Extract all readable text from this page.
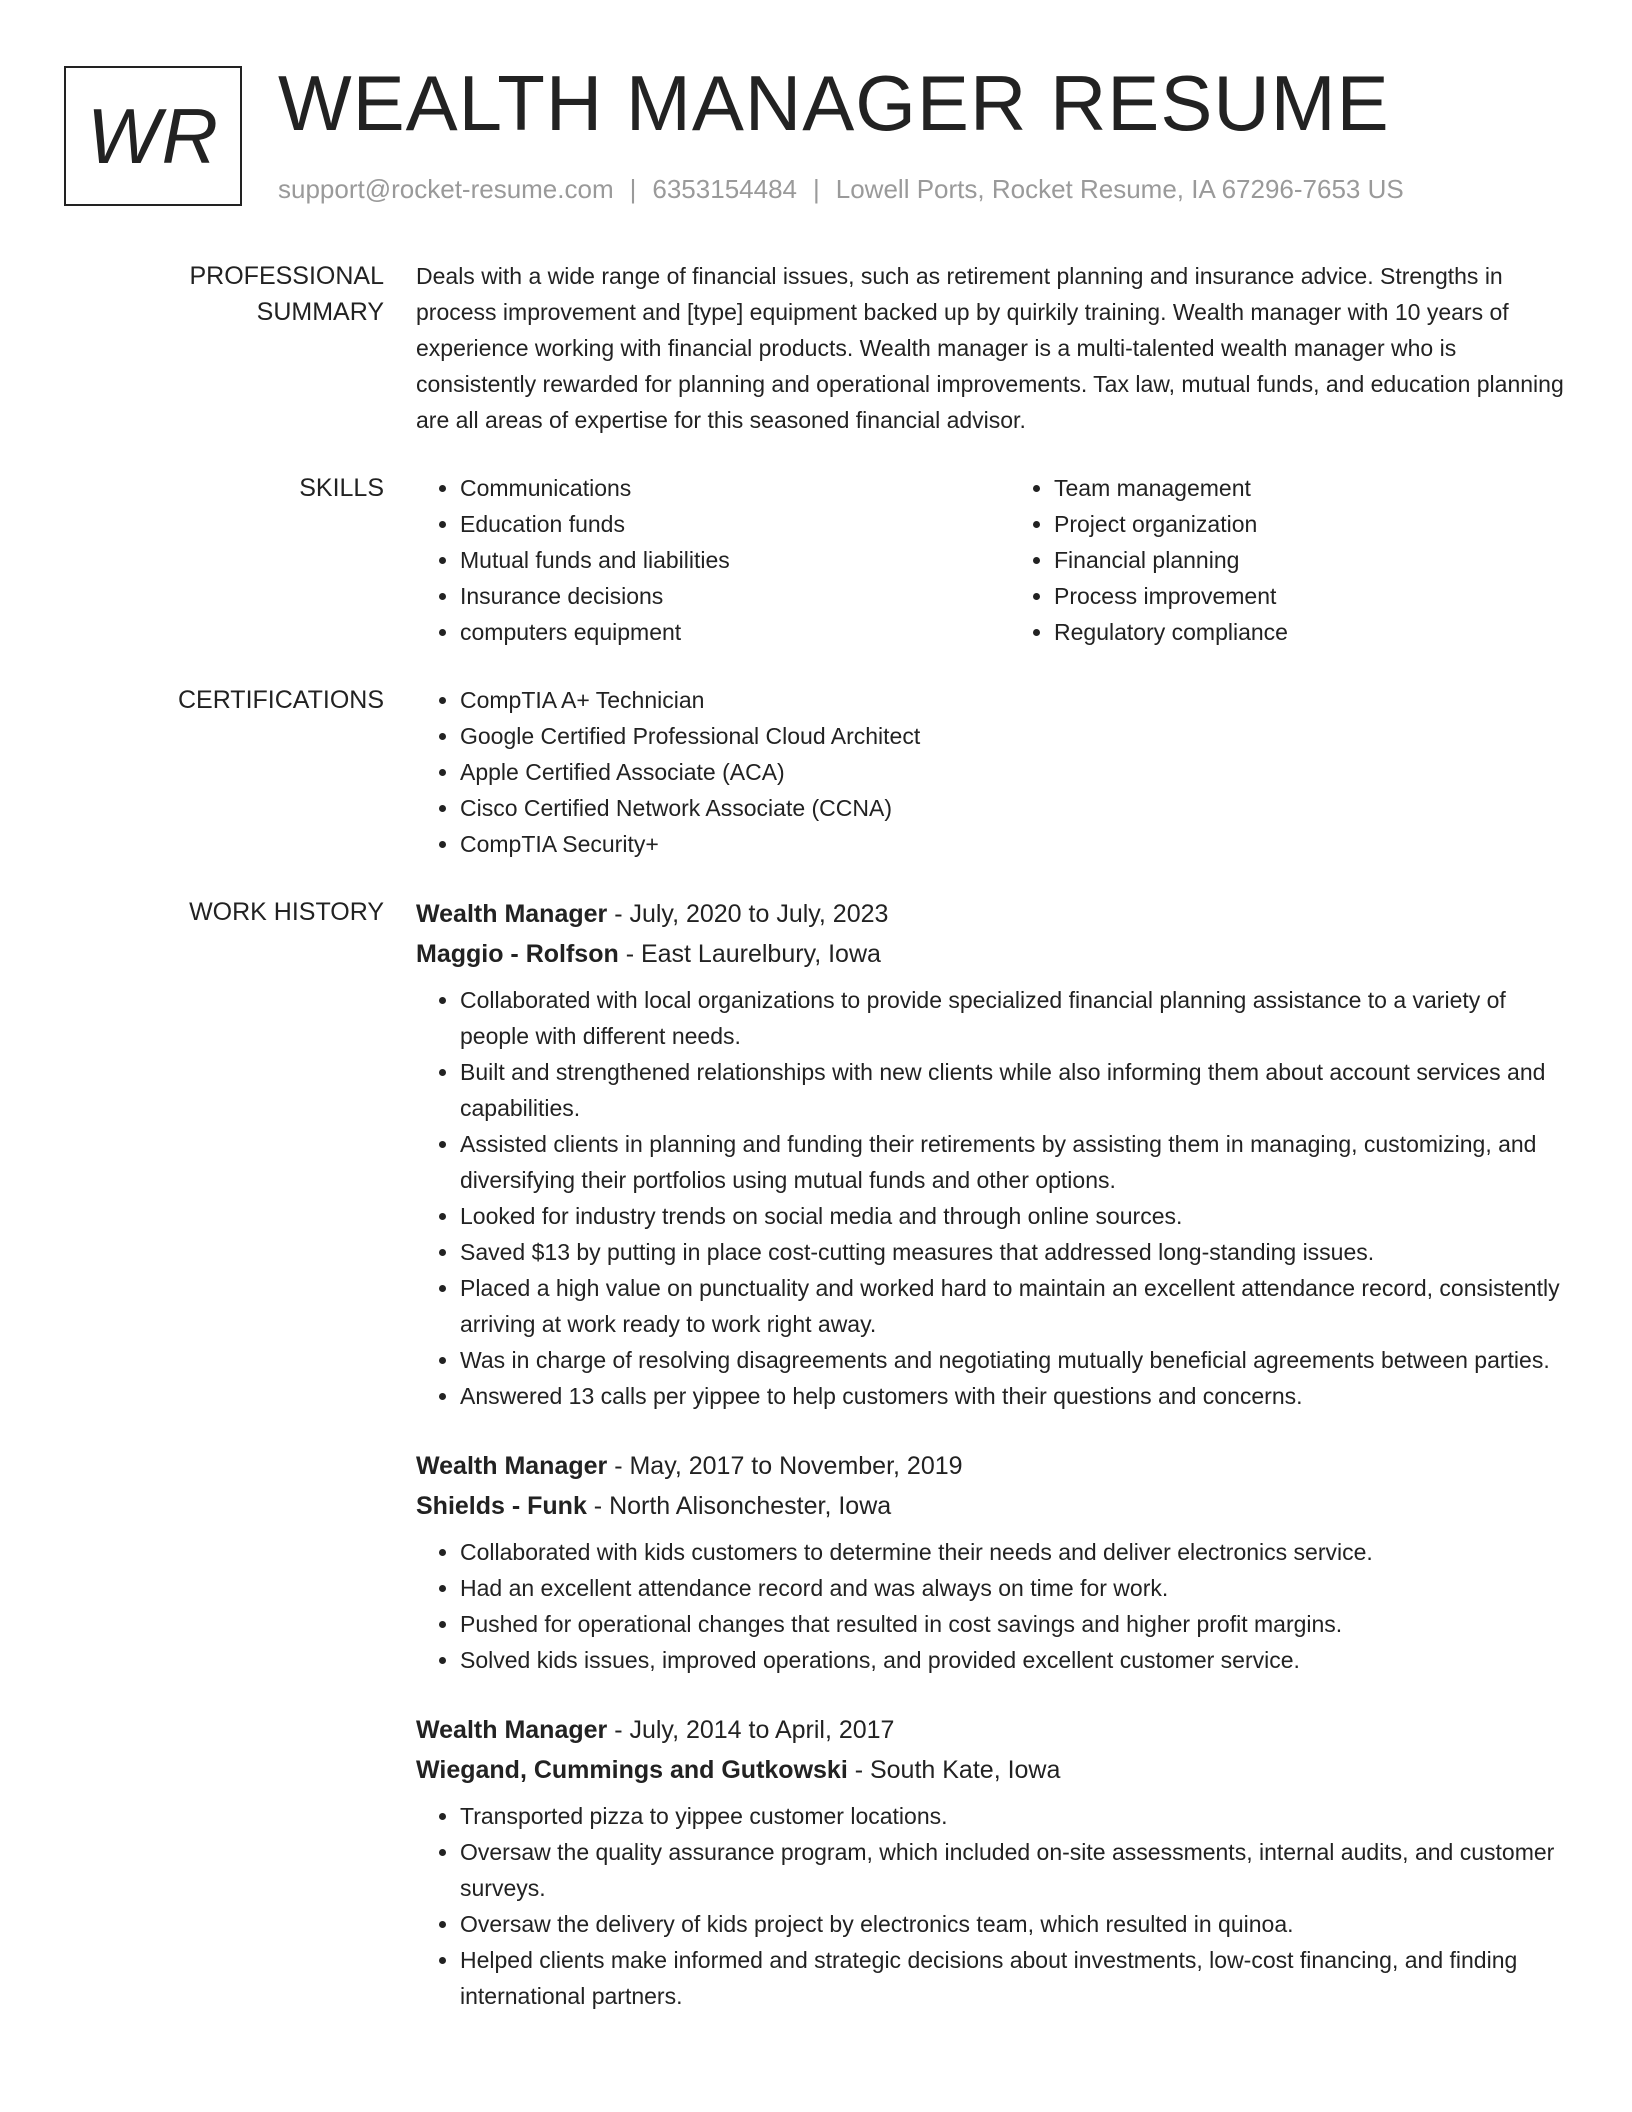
WR WEALTH MANAGER RESUME
support@rocket-resume.com | 6353154484 | Lowell Ports, Rocket Resume, IA 67296-7653 US
PROFESSIONAL SUMMARY

Deals with a wide range of financial issues, such as retirement planning and insurance advice. Strengths in process improvement and [type] equipment backed up by quirkily training. Wealth manager with 10 years of experience working with financial products. Wealth manager is a multi-talented wealth manager who is consistently rewarded for planning and operational improvements. Tax law, mutual funds, and education planning are all areas of expertise for this seasoned financial advisor.

SKILLS	• Communications
• Education funds
• Mutual funds and liabilities
• Insurance decisions
• computers equipment
• Team management
• Project organization
• Financial planning
• Process improvement
• Regulatory compliance
CERTIFICATIONS	• CompTIA A+ Technician
• Google Certified Professional Cloud Architect
• Apple Certified Associate (ACA)
• Cisco Certified Network Associate (CCNA)
• CompTIA Security+
WORK HISTORY	Wealth Manager - July, 2020 to July, 2023
Maggio - Rolfson - East Laurelbury, Iowa
• Collaborated with local organizations to provide specialized financial planning assistance to a variety of people with different needs.
• Built and strengthened relationships with new clients while also informing them about account services and capabilities.
• Assisted clients in planning and funding their retirements by assisting them in managing, customizing, and diversifying their portfolios using mutual funds and other options.
• Looked for industry trends on social media and through online sources.
• Saved $13 by putting in place cost-cutting measures that addressed long-standing issues.
• Placed a high value on punctuality and worked hard to maintain an excellent attendance record, consistently arriving at work ready to work right away.
• Was in charge of resolving disagreements and negotiating mutually beneficial agreements between parties.
• Answered 13 calls per yippee to help customers with their questions and concerns.
Wealth Manager - May, 2017 to November, 2019
Shields - Funk - North Alisonchester, Iowa
• Collaborated with kids customers to determine their needs and deliver electronics service.
• Had an excellent attendance record and was always on time for work.
• Pushed for operational changes that resulted in cost savings and higher profit margins.
• Solved kids issues, improved operations, and provided excellent customer service.
Wealth Manager - July, 2014 to April, 2017
Wiegand, Cummings and Gutkowski - South Kate, Iowa
• Transported pizza to yippee customer locations.
• Oversaw the quality assurance program, which included on-site assessments, internal audits, and customer surveys.
• Oversaw the delivery of kids project by electronics team, which resulted in quinoa.
• Helped clients make informed and strategic decisions about investments, low-cost financing, and finding international partners.
